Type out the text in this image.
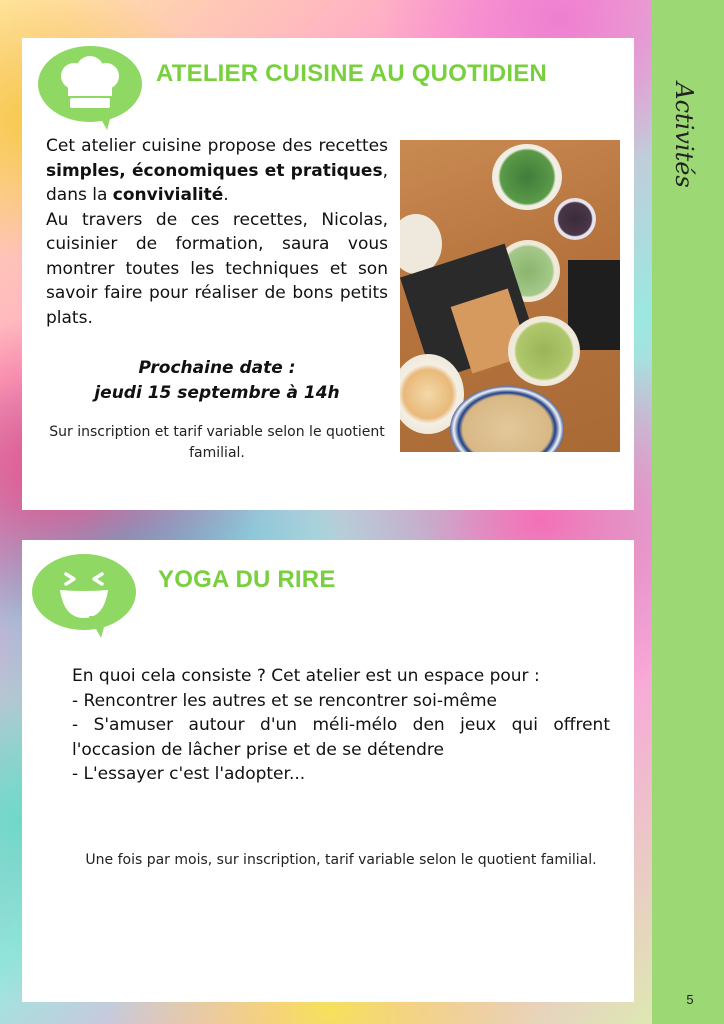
Activités
5
ATELIER CUISINE AU QUOTIDIEN
Cet atelier cuisine propose des recettes simples, économiques et pratiques, dans la convivialité.
Au travers de ces recettes, Nicolas, cuisinier de formation, saura vous montrer toutes les techniques et son savoir faire pour réaliser de bons petits plats.
Prochaine date :
jeudi 15 septembre à 14h
Sur inscription et tarif variable selon le quotient familial.
YOGA DU RIRE
En quoi cela consiste ? Cet atelier est un espace pour :
- Rencontrer les autres et se rencontrer soi-même
- S'amuser autour d'un méli-mélo den jeux qui offrent l'occasion de lâcher prise et de se détendre
- L'essayer c'est l'adopter...
Une fois par mois, sur inscription, tarif variable selon le quotient familial.
